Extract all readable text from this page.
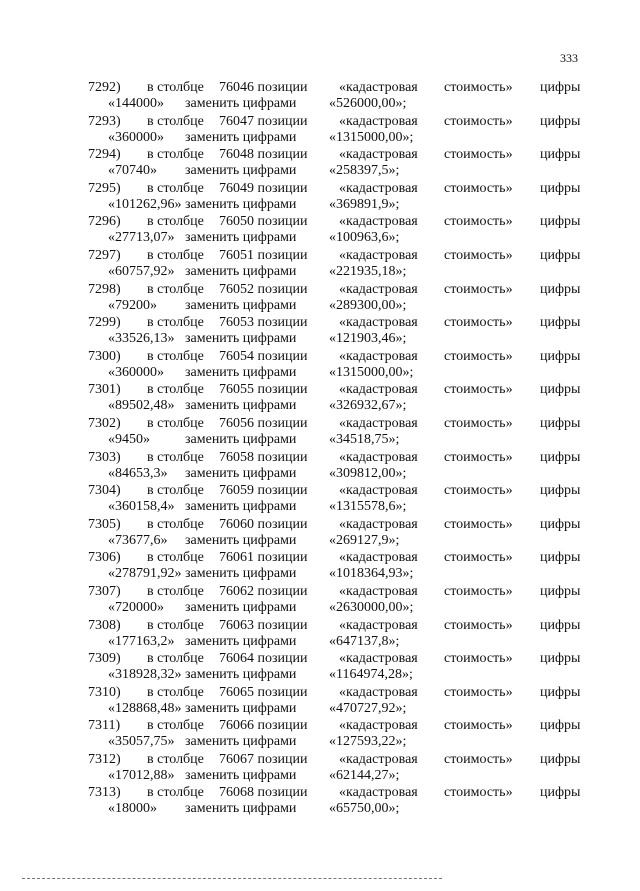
333
7292) в столбце 76046 позиции «кадастровая стоимость» цифры
«144000» заменить цифрами «526000,00»;
7293) в столбце 76047 позиции «кадастровая стоимость» цифры
«360000» заменить цифрами «1315000,00»;
7294) в столбце 76048 позиции «кадастровая стоимость» цифры
«70740» заменить цифрами «258397,5»;
7295) в столбце 76049 позиции «кадастровая стоимость» цифры
«101262,96» заменить цифрами «369891,9»;
7296) в столбце 76050 позиции «кадастровая стоимость» цифры
«27713,07» заменить цифрами «100963,6»;
7297) в столбце 76051 позиции «кадастровая стоимость» цифры
«60757,92» заменить цифрами «221935,18»;
7298) в столбце 76052 позиции «кадастровая стоимость» цифры
«79200» заменить цифрами «289300,00»;
7299) в столбце 76053 позиции «кадастровая стоимость» цифры
«33526,13» заменить цифрами «121903,46»;
7300) в столбце 76054 позиции «кадастровая стоимость» цифры
«360000» заменить цифрами «1315000,00»;
7301) в столбце 76055 позиции «кадастровая стоимость» цифры
«89502,48» заменить цифрами «326932,67»;
7302) в столбце 76056 позиции «кадастровая стоимость» цифры
«9450»	заменить цифрами «34518,75»;
7303) в столбце 76058 позиции «кадастровая стоимость» цифры
«84653,3» заменить цифрами «309812,00»;
7304) в столбце 76059 позиции «кадастровая стоимость» цифры
«360158,4» заменить цифрами «1315578,6»;
7305) в столбце 76060 позиции «кадастровая стоимость» цифры
«73677,6» заменить цифрами «269127,9»;
7306) в столбце 76061 позиции «кадастровая стоимость» цифры
«278791,92» заменить цифрами «1018364,93»;
7307) в столбце 76062 позиции «кадастровая стоимость» цифры
«720000» заменить цифрами «2630000,00»;
7308) в столбце 76063 позиции «кадастровая стоимость» цифры
«177163,2» заменить цифрами «647137,8»;
7309) в столбце 76064 позиции «кадастровая стоимость» цифры
«318928,32» заменить цифрами «1164974,28»;
7310) в столбце 76065 позиции «кадастровая стоимость» цифры
«128868,48» заменить цифрами «470727,92»;
7311) в столбце 76066 позиции «кадастровая стоимость» цифры
«35057,75» заменить цифрами «127593,22»;
7312) в столбце 76067 позиции «кадастровая стоимость» цифры
«17012,88» заменить цифрами «62144,27»;
7313) в столбце 76068 позиции «кадастровая стоимость» цифры
«18000» заменить цифрами «65750,00»;
